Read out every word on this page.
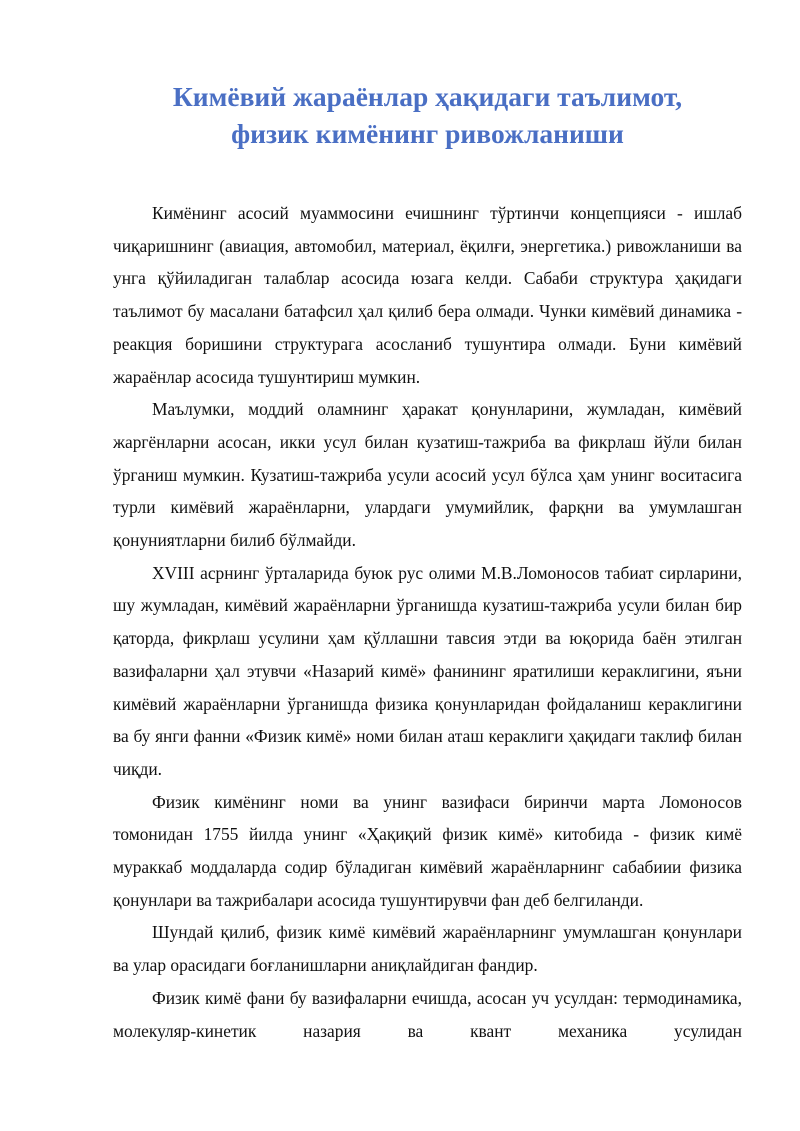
Кимёвий жараёнлар ҳақидаги таълимот,
физик кимёнинг ривожланиши

Кимёнинг асосий муаммосини ечишнинг тўртинчи концепцияси - ишлаб чиқаришнинг (авиация, автомобил, материал, ёқилғи, энергетика.) ривожланиши ва унга қўйиладиган талаблар асосида юзага келди. Сабаби структура ҳақидаги таълимот бу масалани батафсил ҳал қилиб бера олмади. Чунки кимёвий динамика - реакция боришини структурага асосланиб тушунтира олмади. Буни кимёвий жараёнлар асосида тушунтириш мумкин.

Маълумки, моддий оламнинг ҳаракат қонунларини, жумладан, кимёвий жаргёнларни асосан, икки усул билан кузатиш-тажриба ва фикрлаш йўли билан ўрганиш мумкин. Кузатиш-тажриба усули асосий усул бўлса ҳам унинг воситасига турли кимёвий жараёнларни, улардаги умумийлик, фарқни ва умумлашган қонуниятларни билиб бўлмайди.

XVIII асрнинг ўрталарида буюк рус олими М.В.Ломоносов табиат сирларини, шу жумладан, кимёвий жараёнларни ўрганишда кузатиш-тажриба усули билан бир қаторда, фикрлаш усулини ҳам қўллашни тавсия этди ва юқорида баён этилган вазифаларни ҳал этувчи «Назарий кимё» фанининг яратилиши кераклигини, яъни кимёвий жараёнларни ўрганишда физика қонунларидан фойдаланиш кераклигини ва бу янги фанни «Физик кимё» номи билан аташ кераклиги ҳақидаги таклиф билан чиқди.

Физик кимёнинг номи ва унинг вазифаси биринчи марта Ломоносов томонидан 1755 йилда унинг «Ҳақиқий физик кимё» китобида - физик кимё мураккаб моддаларда содир бўладиган кимёвий жараёнларнинг сабабиии физика қонунлари ва тажрибалари асосида тушунтирувчи фан деб белгиланди.

Шундай қилиб, физик кимё кимёвий жараёнларнинг умумлашган қонунлари ва улар орасидаги боғланишларни аниқлайдиган фандир.

Физик кимё фани бу вазифаларни ечишда, асосан уч усулдан: термодинамика, молекуляр-кинетик назария ва квант механика усулидан
